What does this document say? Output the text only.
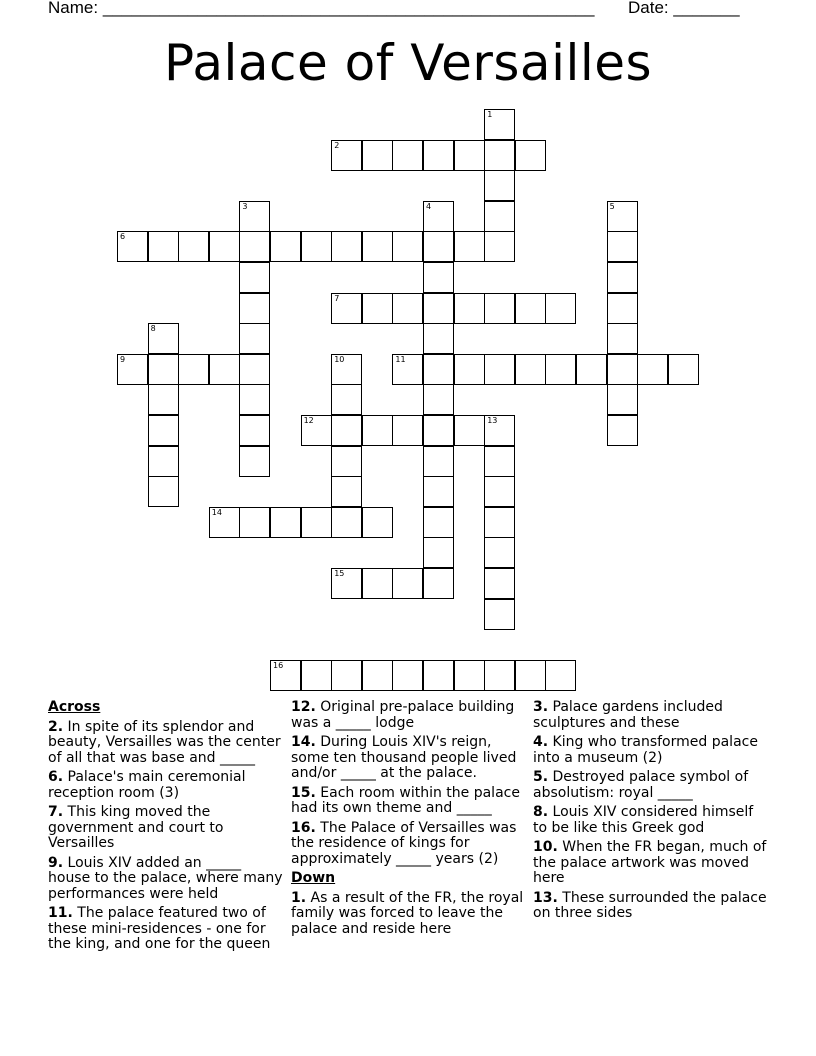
Name: ____________________________________________________ Date: _______
Palace of Versailles
1
2
3	4	5
6
7
8
9	10	11
12	13
14
15
16
Across
2. In spite of its splendor and beauty, Versailles was the center of all that was base and _____
6. Palace's main ceremonial reception room (3)
7. This king moved the government and court to Versailles
9. Louis XIV added an _____ house to the palace, where many performances were held
11. The palace featured two of these mini-residences - one for the king, and one for the queen
12. Original pre-palace building was a _____ lodge
14. During Louis XIV's reign, some ten thousand people lived and/or _____ at the palace.
15. Each room within the palace had its own theme and _____
16. The Palace of Versailles was the residence of kings for approximately _____ years (2)
Down
1. As a result of the FR, the royal family was forced to leave the palace and reside here
3. Palace gardens included sculptures and these
4. King who transformed palace into a museum (2)
5. Destroyed palace symbol of absolutism: royal _____
8. Louis XIV considered himself to be like this Greek god
10. When the FR began, much of the palace artwork was moved here
13. These surrounded the palace on three sides
